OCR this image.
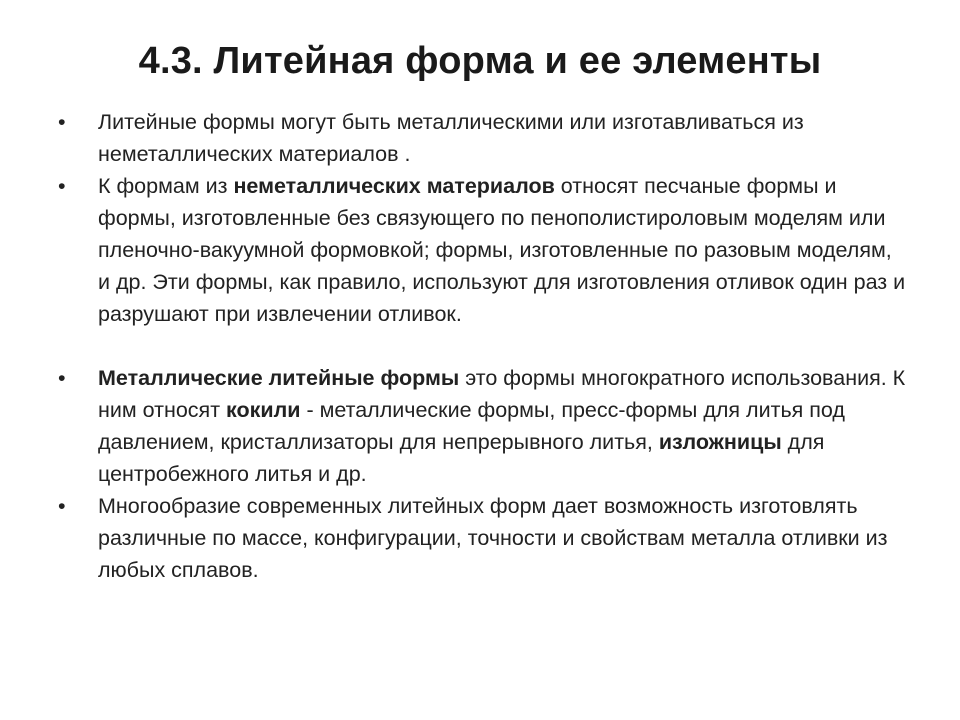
4.3. Литейная форма и ее элементы
•	Литейные формы могут быть металлическими или изготавливаться из неметаллических материалов .
•	К формам из неметаллических материалов относят песчаные формы и формы, изготовленные без связующего по пенополистироловым моделям или пленочно-вакуумной формовкой; формы, изготовленные по разовым моделям, и др. Эти формы, как правило, используют для изготовления отливок один раз и разрушают при извлечении отливок.
•	Металлические литейные формы это формы многократного использования. К ним относят кокили - металлические формы, пресс-формы для литья под давлением, кристаллизаторы для непрерывного литья, изложницы для центробежного литья и др.
•	Многообразие современных литейных форм дает возможность изготовлять различные по массе, конфигурации, точности и свойствам металла отливки из любых сплавов.
